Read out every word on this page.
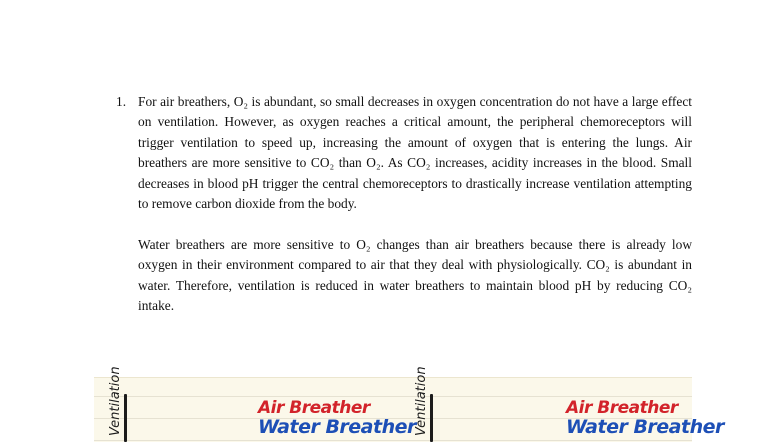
1. For air breathers, O₂ is abundant, so small decreases in oxygen concentration do not have a large effect on ventilation. However, as oxygen reaches a critical amount, the peripheral chemoreceptors will trigger ventilation to speed up, increasing the amount of oxygen that is entering the lungs. Air breathers are more sensitive to CO₂ than O₂. As CO₂ increases, acidity increases in the blood. Small decreases in blood pH trigger the central chemoreceptors to drastically increase ventilation attempting to remove carbon dioxide from the body.

Water breathers are more sensitive to O₂ changes than air breathers because there is already low oxygen in their environment compared to air that they deal with physiologically. CO₂ is abundant in water. Therefore, ventilation is reduced in water breathers to maintain blood pH by reducing CO₂ intake.

Ventilation	Air Breather
Water Breather
Ventilation	Air Breather
Water Breather
